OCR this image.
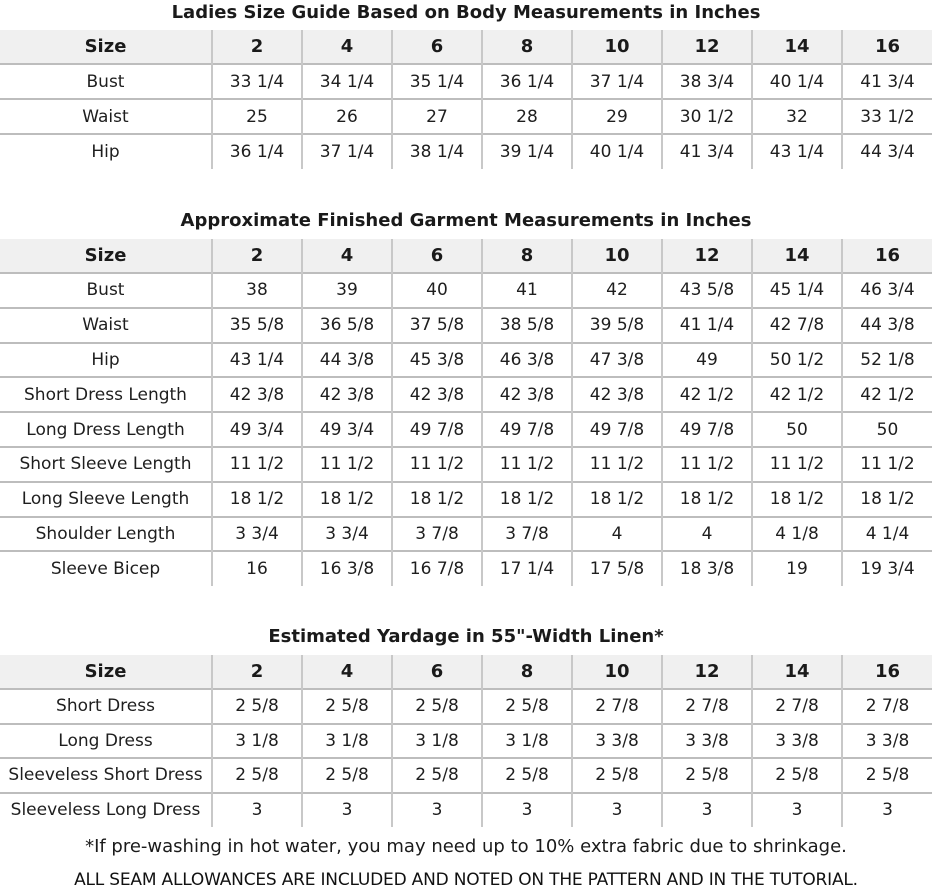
Ladies Size Guide Based on Body Measurements in Inches
Size	2	4	6	8	10	12	14	16
Bust	33 1/4	34 1/4	35 1/4	36 1/4	37 1/4	38 3/4	40 1/4	41 3/4
Waist	25	26	27	28	29	30 1/2	32	33 1/2
Hip	36 1/4	37 1/4	38 1/4	39 1/4	40 1/4	41 3/4	43 1/4	44 3/4
Approximate Finished Garment Measurements in Inches
Size	2	4	6	8	10	12	14	16
Bust	38	39	40	41	42	43 5/8	45 1/4	46 3/4
Waist	35 5/8	36 5/8	37 5/8	38 5/8	39 5/8	41 1/4	42 7/8	44 3/8
Hip	43 1/4	44 3/8	45 3/8	46 3/8	47 3/8	49	50 1/2	52 1/8
Short Dress Length	42 3/8	42 3/8	42 3/8	42 3/8	42 3/8	42 1/2	42 1/2	42 1/2
Long Dress Length	49 3/4	49 3/4	49 7/8	49 7/8	49 7/8	49 7/8	50	50
Short Sleeve Length	11 1/2	11 1/2	11 1/2	11 1/2	11 1/2	11 1/2	11 1/2	11 1/2
Long Sleeve Length	18 1/2	18 1/2	18 1/2	18 1/2	18 1/2	18 1/2	18 1/2	18 1/2
Shoulder Length	3 3/4	3 3/4	3 7/8	3 7/8	4	4	4 1/8	4 1/4
Sleeve Bicep	16	16 3/8	16 7/8	17 1/4	17 5/8	18 3/8	19	19 3/4
Estimated Yardage in 55"-Width Linen*
Size	2	4	6	8	10	12	14	16
Short Dress	2 5/8	2 5/8	2 5/8	2 5/8	2 7/8	2 7/8	2 7/8	2 7/8
Long Dress	3 1/8	3 1/8	3 1/8	3 1/8	3 3/8	3 3/8	3 3/8	3 3/8
Sleeveless Short Dress	2 5/8	2 5/8	2 5/8	2 5/8	2 5/8	2 5/8	2 5/8	2 5/8
Sleeveless Long Dress	3	3	3	3	3	3	3	3

*If pre-washing in hot water, you may need up to 10% extra fabric due to shrinkage.

ALL SEAM ALLOWANCES ARE INCLUDED AND NOTED ON THE PATTERN AND IN THE TUTORIAL.
